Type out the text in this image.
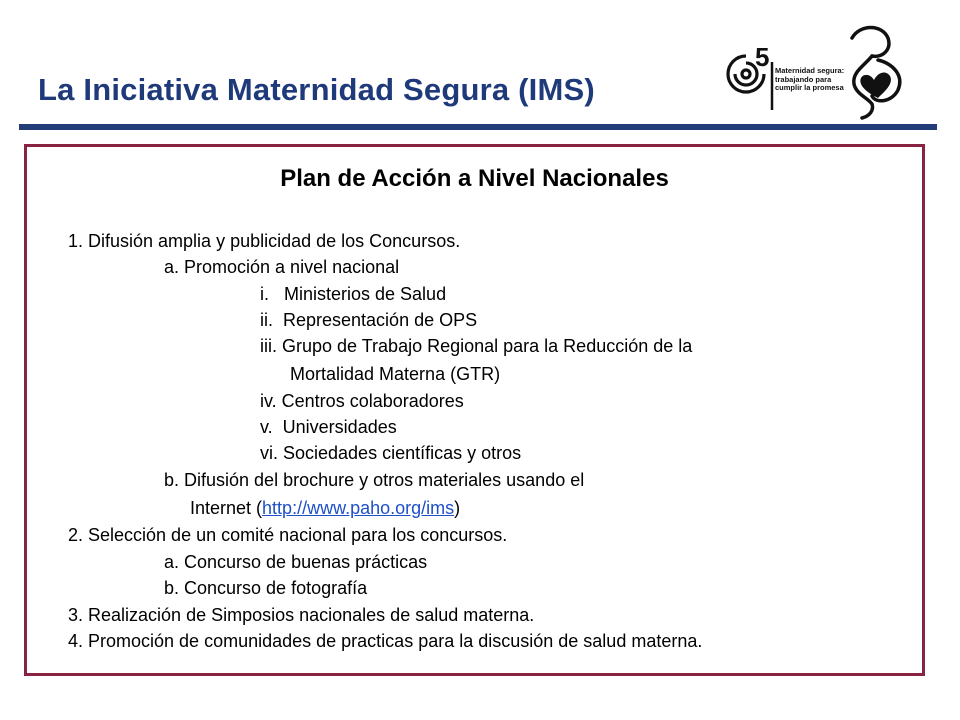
La Iniciativa Maternidad Segura (IMS)
5 Maternidad segura:
trabajando para
cumplir la promesa
Plan de Acción a Nivel Nacionales
1. Difusión amplia y publicidad de los Concursos.
a. Promoción a nivel nacional
i.   Ministerios de Salud
ii.  Representación de OPS
iii. Grupo de Trabajo Regional para la Reducción de la
Mortalidad Materna (GTR)
iv. Centros colaboradores
v.  Universidades
vi. Sociedades científicas y otros
b. Difusión del brochure y otros materiales usando el
Internet (http://www.paho.org/ims)
2. Selección de un comité nacional para los concursos.
a. Concurso de buenas prácticas
b. Concurso de fotografía
3. Realización de Simposios nacionales de salud materna.
4. Promoción de comunidades de practicas para la discusión de salud materna.
